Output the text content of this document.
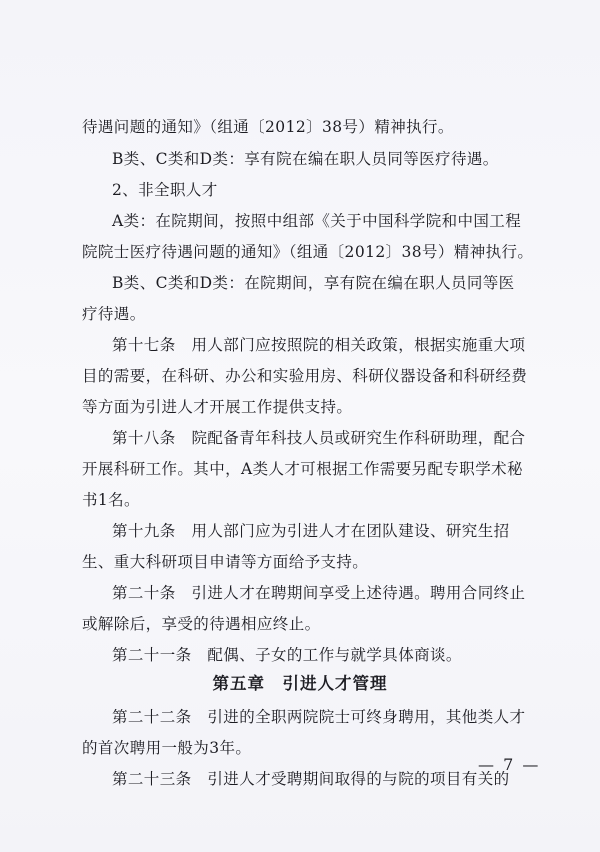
待遇问题的通知》（组通〔2012〕38号）精神执行。
B类、C类和D类：享有院在编在职人员同等医疗待遇。
2、非全职人才
A类：在院期间，按照中组部《关于中国科学院和中国工程
院院士医疗待遇问题的通知》（组通〔2012〕38号）精神执行。
B类、C类和D类：在院期间，享有院在编在职人员同等医
疗待遇。
第十七条　用人部门应按照院的相关政策，根据实施重大项
目的需要，在科研、办公和实验用房、科研仪器设备和科研经费
等方面为引进人才开展工作提供支持。
第十八条　院配备青年科技人员或研究生作科研助理，配合
开展科研工作。其中，A类人才可根据工作需要另配专职学术秘
书1名。
第十九条　用人部门应为引进人才在团队建设、研究生招
生、重大科研项目申请等方面给予支持。
第二十条　引进人才在聘期间享受上述待遇。聘用合同终止
或解除后，享受的待遇相应终止。
第二十一条　配偶、子女的工作与就学具体商谈。
第五章　引进人才管理
第二十二条　引进的全职两院院士可终身聘用，其他类人才
的首次聘用一般为3年。
第二十三条　引进人才受聘期间取得的与院的项目有关的
— 7 —
